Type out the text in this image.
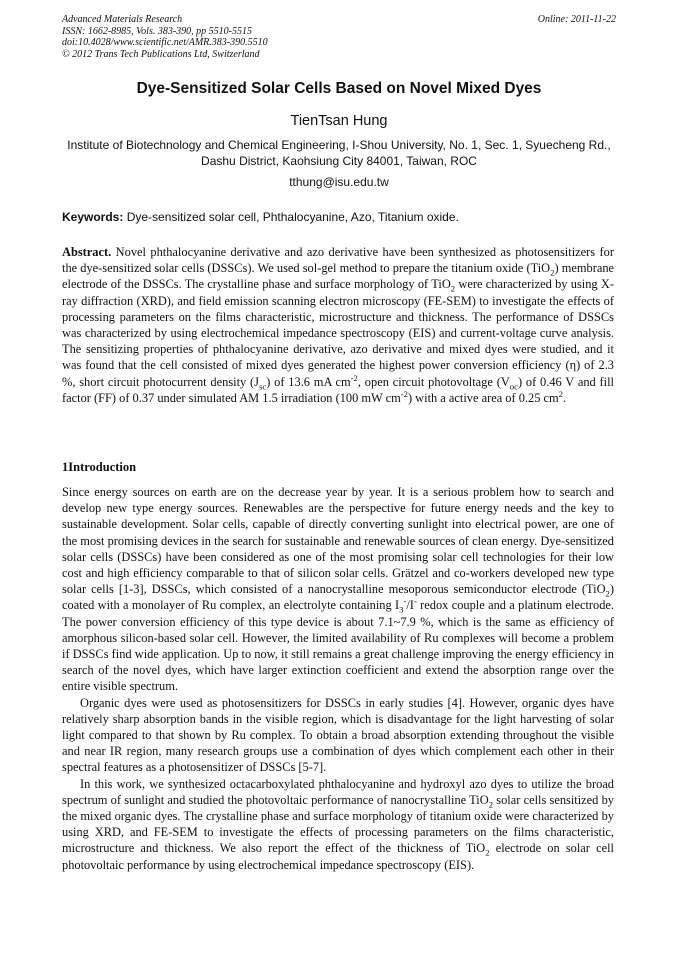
Advanced Materials Research
ISSN: 1662-8985, Vols. 383-390, pp 5510-5515
doi:10.4028/www.scientific.net/AMR.383-390.5510
© 2012 Trans Tech Publications Ltd, Switzerland
Online: 2011-11-22
Dye-Sensitized Solar Cells Based on Novel Mixed Dyes
TienTsan Hung
Institute of Biotechnology and Chemical Engineering, I-Shou University, No. 1, Sec. 1, Syuecheng Rd., Dashu District, Kaohsiung City 84001, Taiwan, ROC
tthung@isu.edu.tw
Keywords: Dye-sensitized solar cell, Phthalocyanine, Azo, Titanium oxide.
Abstract. Novel phthalocyanine derivative and azo derivative have been synthesized as photosensitizers for the dye-sensitized solar cells (DSSCs). We used sol-gel method to prepare the titanium oxide (TiO$_2$) membrane electrode of the DSSCs. The crystalline phase and surface morphology of TiO$_2$ were characterized by using X-ray diffraction (XRD), and field emission scanning electron microscopy (FE-SEM) to investigate the effects of processing parameters on the films characteristic, microstructure and thickness. The performance of DSSCs was characterized by using electrochemical impedance spectroscopy (EIS) and current-voltage curve analysis. The sensitizing properties of phthalocyanine derivative, azo derivative and mixed dyes were studied, and it was found that the cell consisted of mixed dyes generated the highest power conversion efficiency (η) of 2.3 %, short circuit photocurrent density $(J_{sc})$ of 13.6 mA $cm^{-2}$, open circuit photovoltage $(V_{oc})$ of 0.46 V and fill factor (FF) of 0.37 under simulated AM 1.5 irradiation (100 mW $cm^{-2}$) with a active area of 0.25 $cm^2$.
1Introduction

Since energy sources on earth are on the decrease year by year. It is a serious problem how to search and develop new type energy sources. Renewables are the perspective for future energy needs and the key to sustainable development. Solar cells, capable of directly converting sunlight into electrical power, are one of the most promising devices in the search for sustainable and renewable sources of clean energy. Dye-sensitized solar cells (DSSCs) have been considered as one of the most promising solar cell technologies for their low cost and high efficiency comparable to that of silicon solar cells. Grätzel and co-workers developed new type solar cells [1-3], DSSCs, which consisted of a nanocrystalline mesoporous semiconductor electrode (TiO$_2$) coated with a monolayer of Ru complex, an electrolyte containing $I_3^-/I^-$ redox couple and a platinum electrode. The power conversion efficiency of this type device is about 7.1~7.9 %, which is the same as efficiency of amorphous silicon-based solar cell. However, the limited availability of Ru complexes will become a problem if DSSCs find wide application. Up to now, it still remains a great challenge improving the energy efficiency in search of the novel dyes, which have larger extinction coefficient and extend the absorption range over the entire visible spectrum.

Organic dyes were used as photosensitizers for DSSCs in early studies [4]. However, organic dyes have relatively sharp absorption bands in the visible region, which is disadvantage for the light harvesting of solar light compared to that shown by Ru complex. To obtain a broad absorption extending throughout the visible and near IR region, many research groups use a combination of dyes which complement each other in their spectral features as a photosensitizer of DSSCs [5-7].

In this work, we synthesized octacarboxylated phthalocyanine and hydroxyl azo dyes to utilize the broad spectrum of sunlight and studied the photovoltaic performance of nanocrystalline TiO$_2$ solar cells sensitized by the mixed organic dyes. The crystalline phase and surface morphology of titanium oxide were characterized by using XRD, and FE-SEM to investigate the effects of processing parameters on the films characteristic, microstructure and thickness. We also report the effect of the thickness of TiO$_2$ electrode on solar cell photovoltaic performance by using electrochemical impedance spectroscopy (EIS).
